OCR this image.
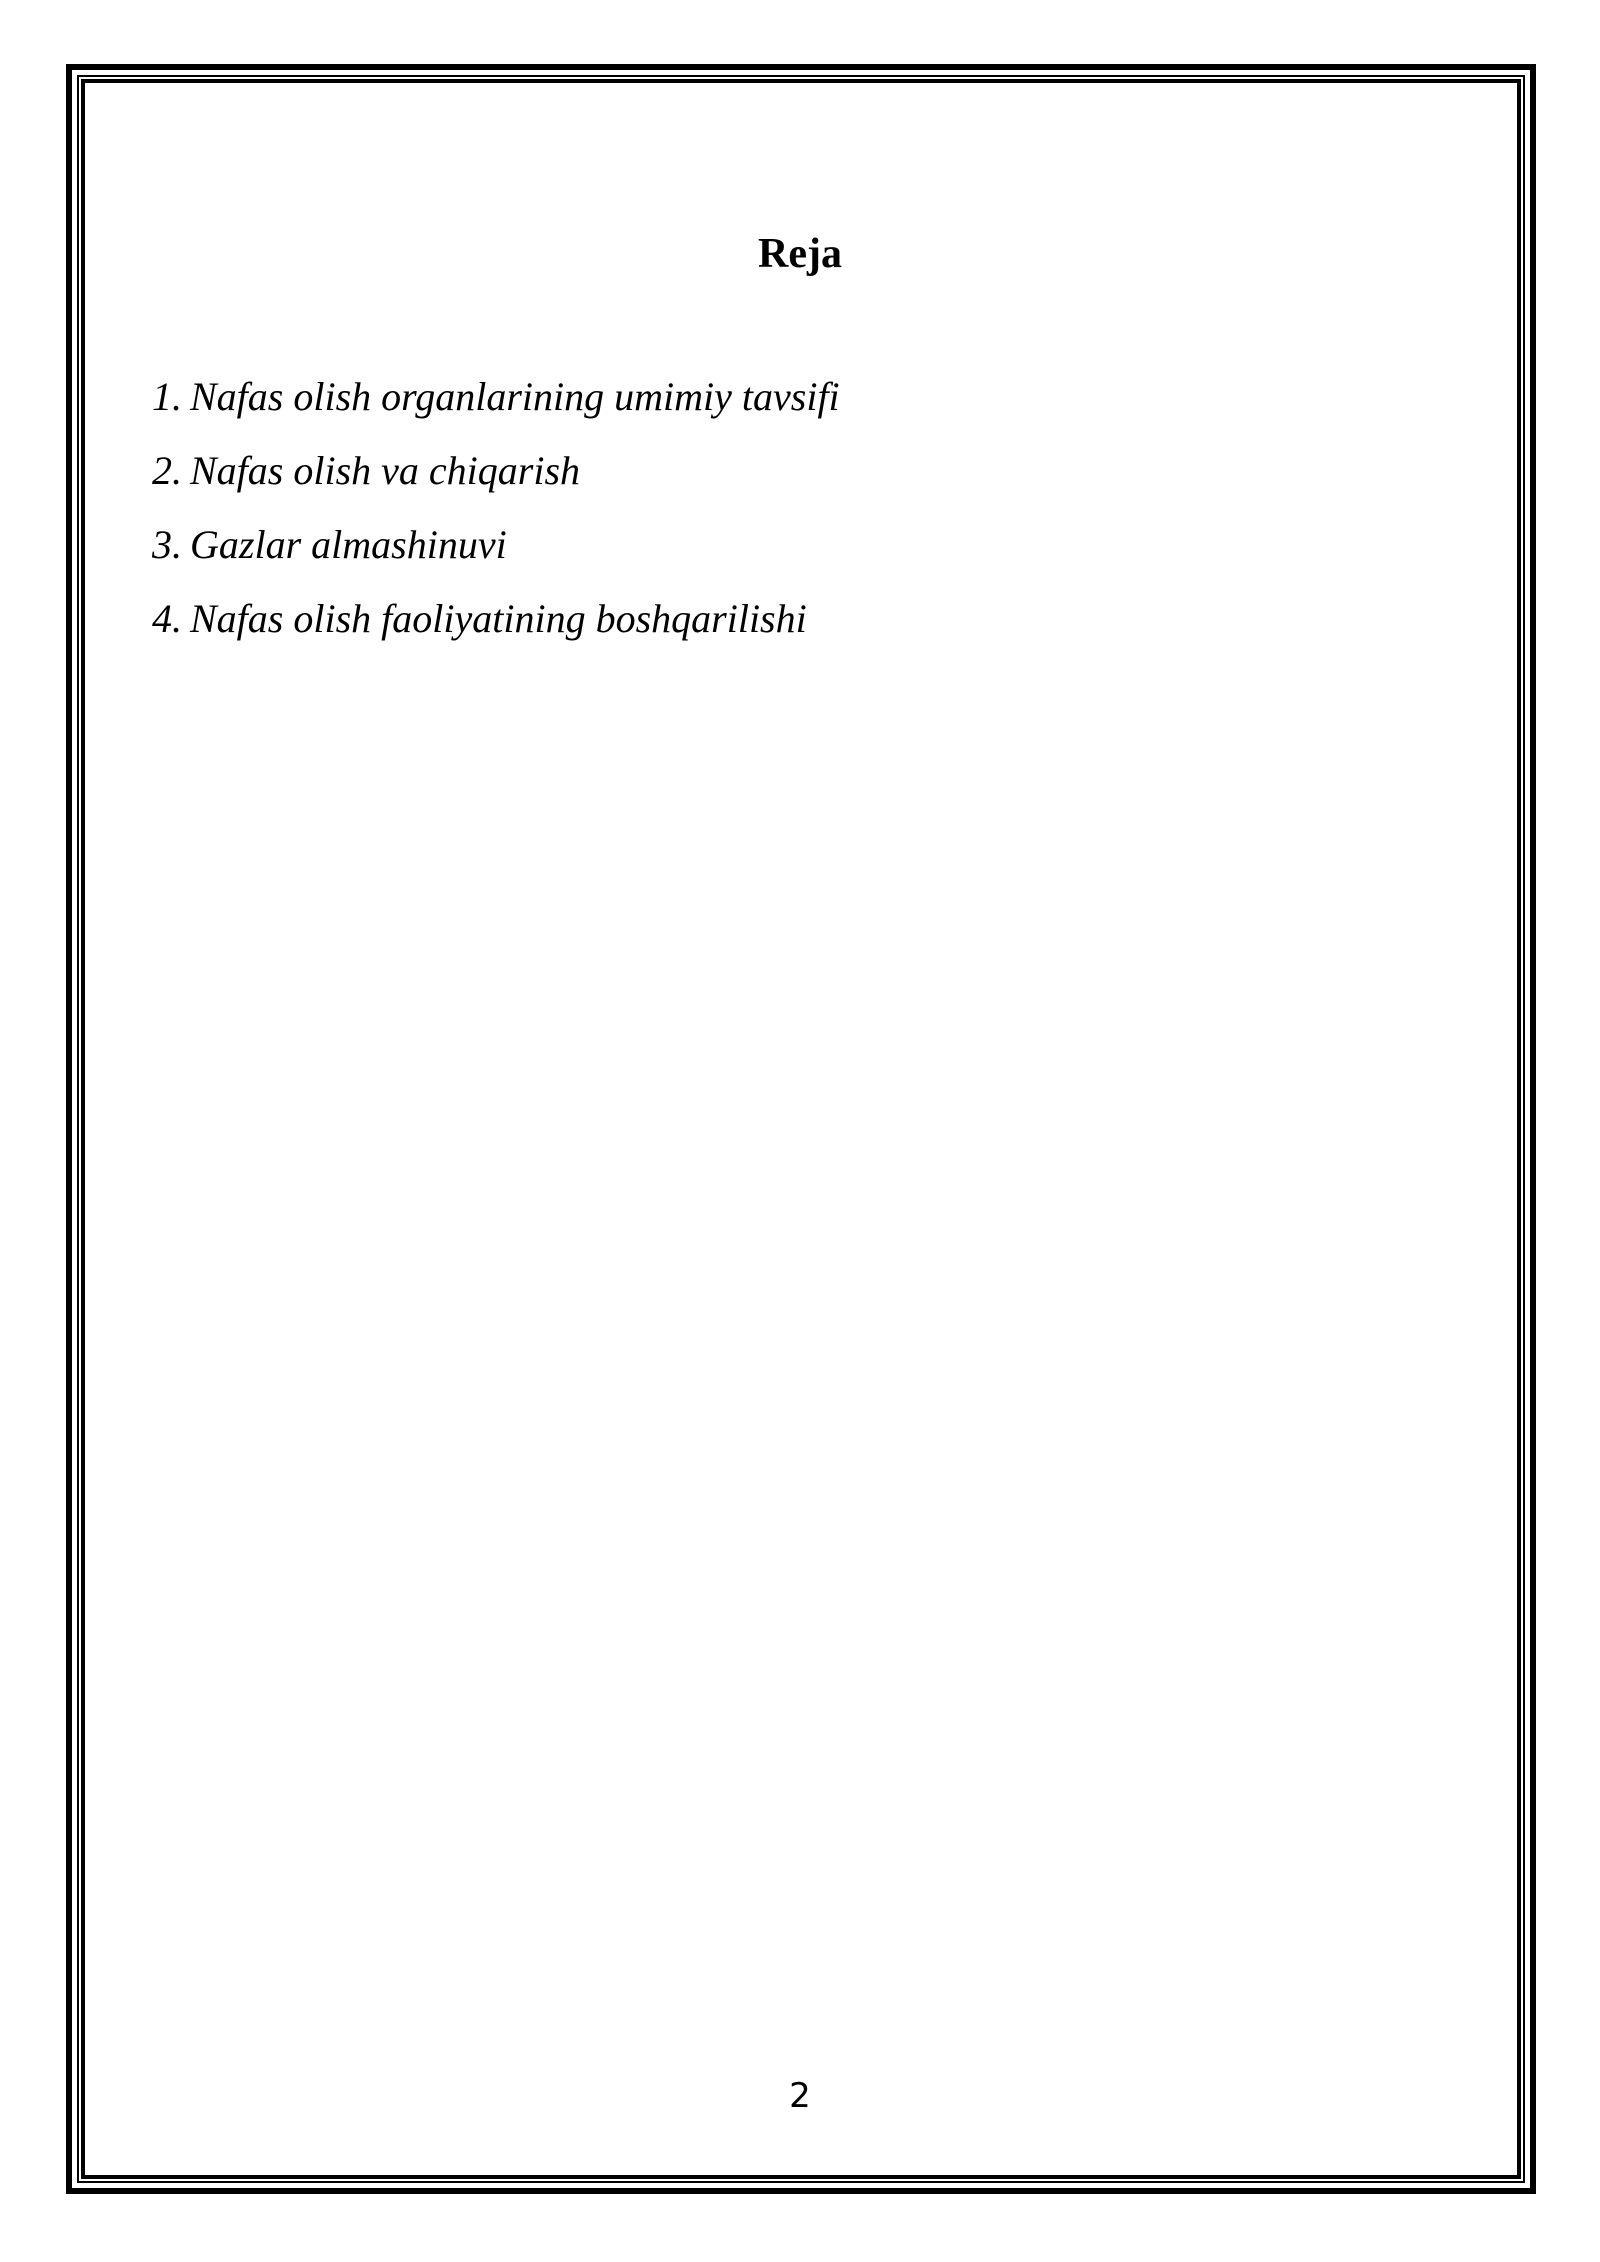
Reja
1. Nafas olish organlarining umimiy tavsifi
2. Nafas olish va chiqarish
3. Gazlar almashinuvi
4. Nafas olish faoliyatining boshqarilishi
2
